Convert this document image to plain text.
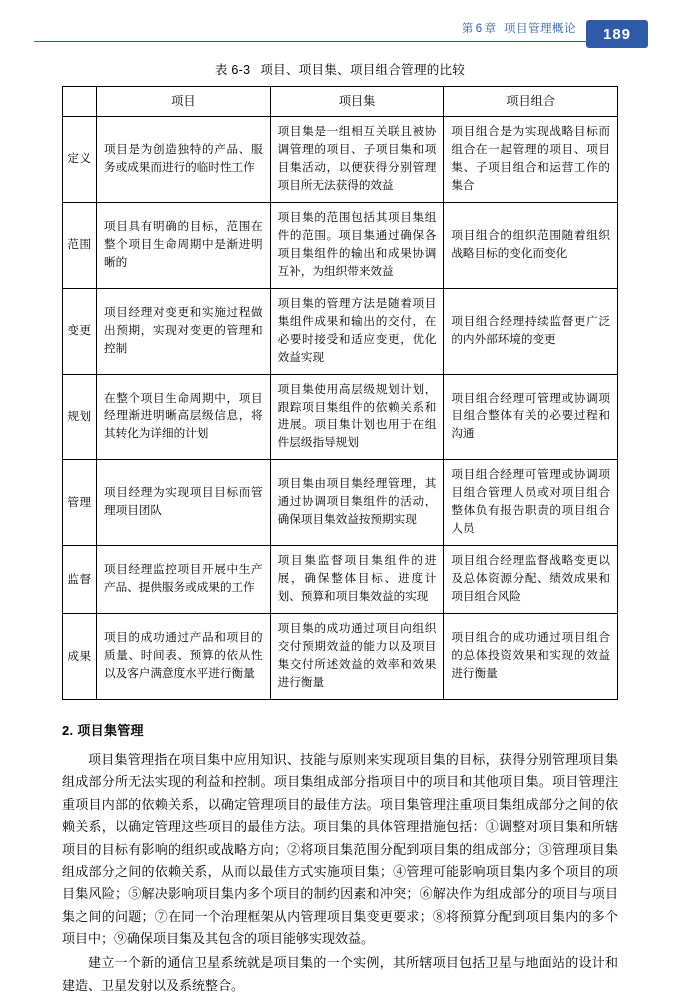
第 6 章 项目管理概论	189
表 6-3 项目、项目集、项目组合管理的比较
	项目	项目集	项目组合
定义	项目是为创造独特的产品、服务或成果而进行的临时性工作	项目集是一组相互关联且被协调管理的项目、子项目集和项目集活动，以便获得分别管理项目所无法获得的效益	项目组合是为实现战略目标而组合在一起管理的项目、项目集、子项目组合和运营工作的集合
范围	项目具有明确的目标，范围在整个项目生命周期中是渐进明晰的	项目集的范围包括其项目集组件的范围。项目集通过确保各项目集组件的输出和成果协调互补，为组织带来效益	项目组合的组织范围随着组织战略目标的变化而变化
变更	项目经理对变更和实施过程做出预期，实现对变更的管理和控制	项目集的管理方法是随着项目集组件成果和输出的交付，在必要时接受和适应变更，优化效益实现	项目组合经理持续监督更广泛的内外部环境的变更
规划	在整个项目生命周期中，项目经理渐进明晰高层级信息，将其转化为详细的计划	项目集使用高层级规划计划，跟踪项目集组件的依赖关系和进展。项目集计划也用于在组件层级指导规划	项目组合经理可管理或协调项目组合整体有关的必要过程和沟通
管理	项目经理为实现项目目标而管理项目团队	项目集由项目集经理管理，其通过协调项目集组件的活动，确保项目集效益按预期实现	项目组合经理可管理或协调项目组合管理人员或对项目组合整体负有报告职责的项目组合人员
监督	项目经理监控项目开展中生产产品、提供服务或成果的工作	项目集监督项目集组件的进展，确保整体目标、进度计划、预算和项目集效益的实现	项目组合经理监督战略变更以及总体资源分配、绩效成果和项目组合风险
成果	项目的成功通过产品和项目的质量、时间表、预算的依从性以及客户满意度水平进行衡量	项目集的成功通过项目向组织交付预期效益的能力以及项目集交付所述效益的效率和效果进行衡量	项目组合的成功通过项目组合的总体投资效果和实现的效益进行衡量
2. 项目集管理

项目集管理指在项目集中应用知识、技能与原则来实现项目集的目标，获得分别管理项目集组成部分所无法实现的利益和控制。项目集组成部分指项目中的项目和其他项目集。项目管理注重项目内部的依赖关系，以确定管理项目的最佳方法。项目集管理注重项目集组成部分之间的依赖关系，以确定管理这些项目的最佳方法。项目集的具体管理措施包括：①调整对项目集和所辖项目的目标有影响的组织或战略方向；②将项目集范围分配到项目集的组成部分；③管理项目集组成部分之间的依赖关系，从而以最佳方式实施项目集；④管理可能影响项目集内多个项目的项目集风险；⑤解决影响项目集内多个项目的制约因素和冲突；⑥解决作为组成部分的项目与项目集之间的问题；⑦在同一个治理框架从内管理项目集变更要求；⑧将预算分配到项目集内的多个项目中；⑨确保项目集及其包含的项目能够实现效益。

建立一个新的通信卫星系统就是项目集的一个实例，其所辖项目包括卫星与地面站的设计和建造、卫星发射以及系统整合。
